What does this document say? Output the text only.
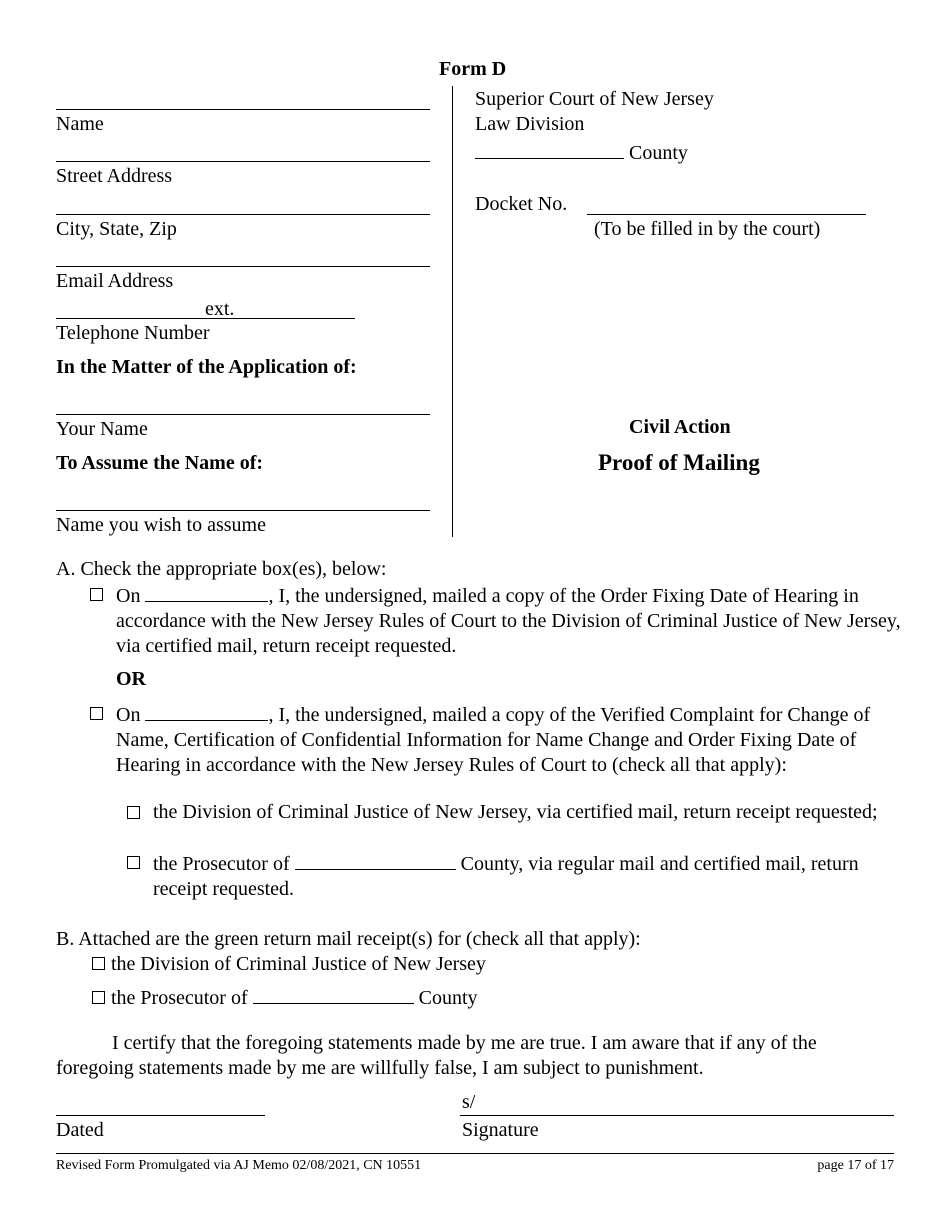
Form D
Name
Street Address
City, State, Zip
Email Address
ext.
Telephone Number
In the Matter of the Application of:
Your Name
To Assume the Name of:
Name you wish to assume
Superior Court of New Jersey
Law Division
County
Docket No.
(To be filled in by the court)
Civil Action
Proof of Mailing
A. Check the appropriate box(es), below:
On	, I, the undersigned, mailed a copy of the Order Fixing Date of Hearing in accordance with the New Jersey Rules of Court to the Division of Criminal Justice of New Jersey, via certified mail, return receipt requested.
OR
On	, I, the undersigned, mailed a copy of the Verified Complaint for Change of Name, Certification of Confidential Information for Name Change and Order Fixing Date of Hearing in accordance with the New Jersey Rules of Court to (check all that apply):
the Division of Criminal Justice of New Jersey, via certified mail, return receipt requested;
the Prosecutor of	County, via regular mail and certified mail, return receipt requested.
B. Attached are the green return mail receipt(s) for (check all that apply):
the Division of Criminal Justice of New Jersey
the Prosecutor of	County
I certify that the foregoing statements made by me are true. I am aware that if any of the foregoing statements made by me are willfully false, I am subject to punishment.
s/
Dated	Signature
Revised Form Promulgated via AJ Memo 02/08/2021, CN 10551	page 17 of 17
